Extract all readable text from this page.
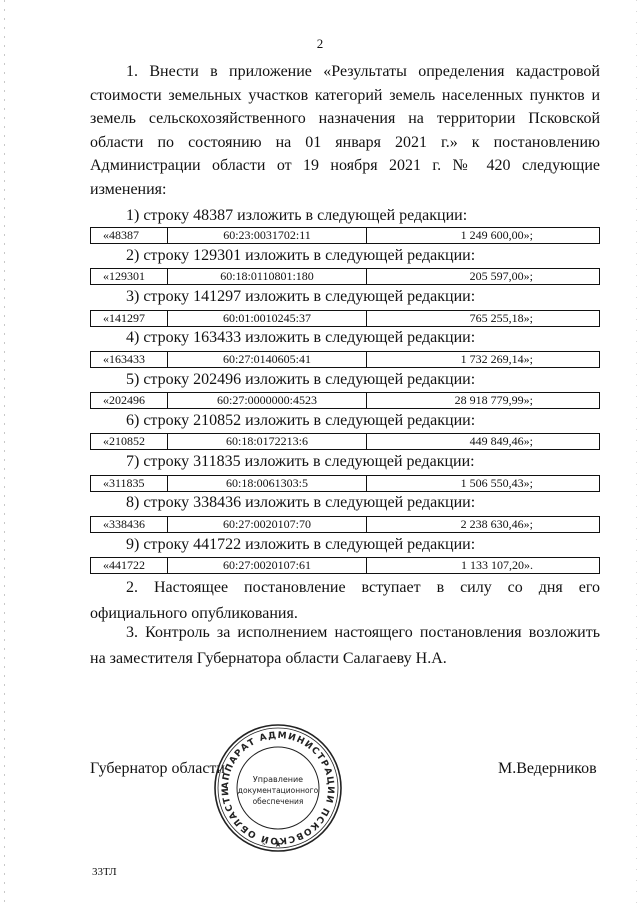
2
1. Внести в приложение «Результаты определения кадастровой стоимости земельных участков категорий земель населенных пунктов и земель сельскохозяйственного назначения на территории Псковской области по состоянию на 01 января 2021 г.» к постановлению Администрации области от 19 ноября 2021 г. № 420 следующие изменения:
1) строку 48387 изложить в следующей редакции:
«48387	60:23:0031702:11	1 249 600,00»;
2) строку 129301 изложить в следующей редакции:
«129301	60:18:0110801:180	205 597,00»;
3) строку 141297 изложить в следующей редакции:
«141297	60:01:0010245:37	765 255,18»;
4) строку 163433 изложить в следующей редакции:
«163433	60:27:0140605:41	1 732 269,14»;
5) строку 202496 изложить в следующей редакции:
«202496	60:27:0000000:4523	28 918 779,99»;
6) строку 210852 изложить в следующей редакции:
«210852	60:18:0172213:6	449 849,46»;
7) строку 311835 изложить в следующей редакции:
«311835	60:18:0061303:5	1 506 550,43»;
8) строку 338436 изложить в следующей редакции:
«338436	60:27:0020107:70	2 238 630,46»;
9) строку 441722 изложить в следующей редакции:
«441722	60:27:0020107:61	1 133 107,20».
2. Настоящее постановление вступает в силу со дня его
официального опубликования.
3. Контроль за исполнением настоящего постановления возложить
на заместителя Губернатора области Салагаеву Н.А.
Губернатор области	М.Ведерников
АППАРАТ АДМИНИСТРАЦИИ ПСКОВСКОЙ ОБЛАСТИ
Управление
документационного
обеспечения
★
33ТЛ
